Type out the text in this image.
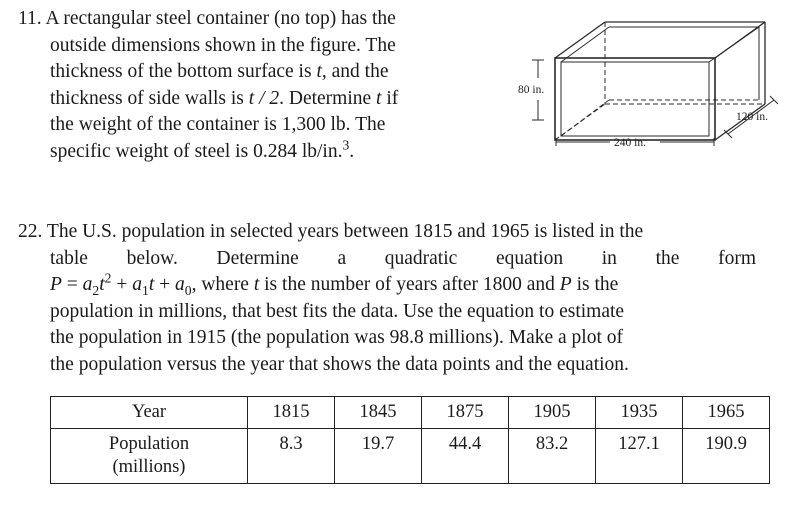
11. A rectangular steel container (no top) has the
outside dimensions shown in the figure. The
thickness of the bottom surface is t, and the
thickness of side walls is t / 2. Determine t if
the weight of the container is 1,300 lb. The
specific weight of steel is 0.284 lb/in.$^3$.
80 in.
240 in.
120 in.
22. The U.S. population in selected years between 1815 and 1965 is listed in the
table below. Determine a quadratic equation in the form
$P = a_2t^2 + a_1t + a_0$, where t is the number of years after 1800 and P is the
population in millions, that best fits the data. Use the equation to estimate
the population in 1915 (the population was 98.8 millions). Make a plot of
the population versus the year that shows the data points and the equation.
Year	1815	1845	1875	1905	1935	1965

Population
(millions)	8.3	19.7	44.4	83.2	127.1	190.9
